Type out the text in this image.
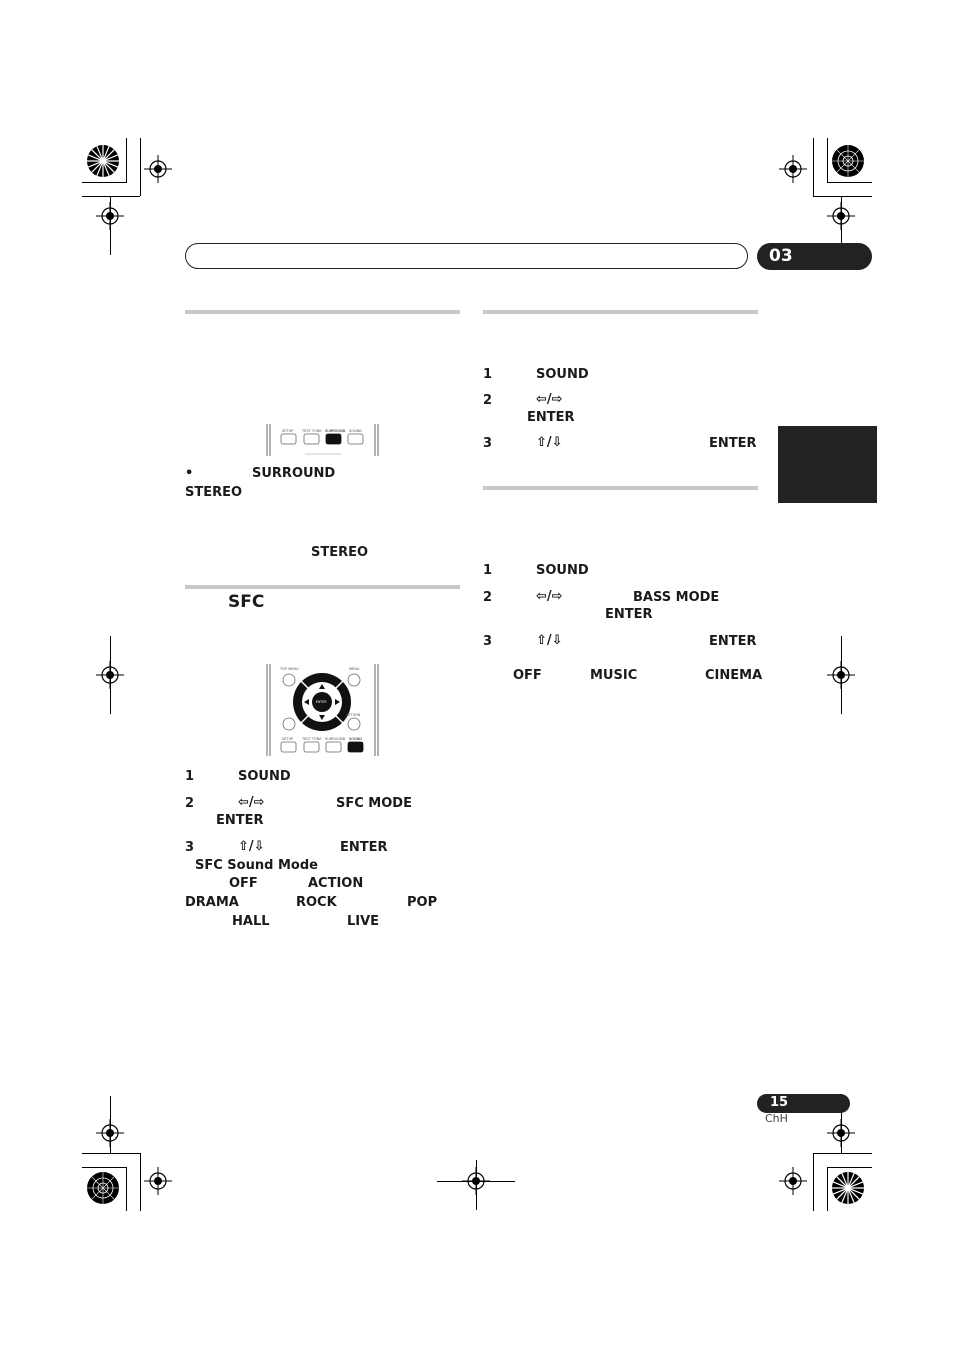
03
SETUP	TEST TONE SURROUND SOUND
•	SURROUND
STEREO
STEREO
SFC
TOP MENU	MENU
RETURN
ENTER
SETUP	TEST TONE SURROUND SOUND
1	SOUND
2	⇦/⇨	SFC MODE
ENTER
3	⇧/⇩	ENTER
SFC Sound Mode
OFF	ACTION
DRAMA	ROCK	POP
HALL	LIVE
1	SOUND
2	⇦/⇨
ENTER
3	⇧/⇩	ENTER
1	SOUND
2	⇦/⇨	BASS MODE
ENTER
3	⇧/⇩	ENTER
OFF	MUSIC	CINEMA
15
ChH
